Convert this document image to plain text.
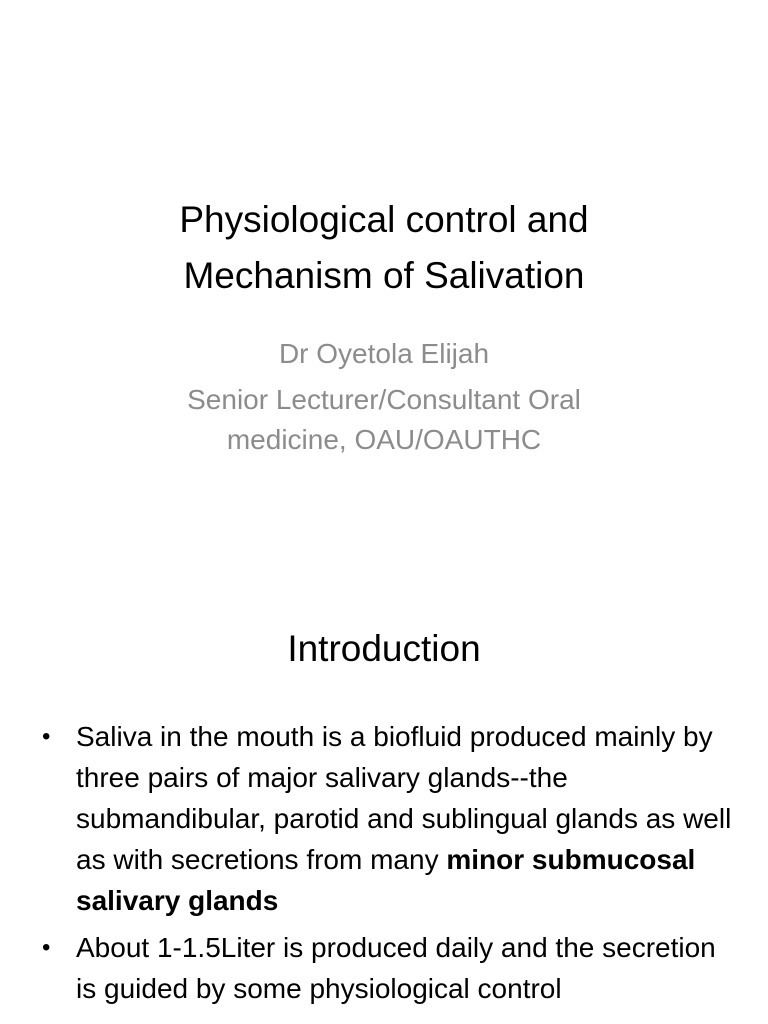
Physiological control and
Mechanism of Salivation
Dr Oyetola Elijah
Senior Lecturer/Consultant Oral
medicine, OAU/OAUTHC
Introduction
• Saliva in the mouth is a biofluid produced mainly by three pairs of major salivary glands--the submandibular, parotid and sublingual glands as well as with secretions from many minor submucosal salivary glands
• About 1-1.5Liter is produced daily and the secretion is guided by some physiological control
